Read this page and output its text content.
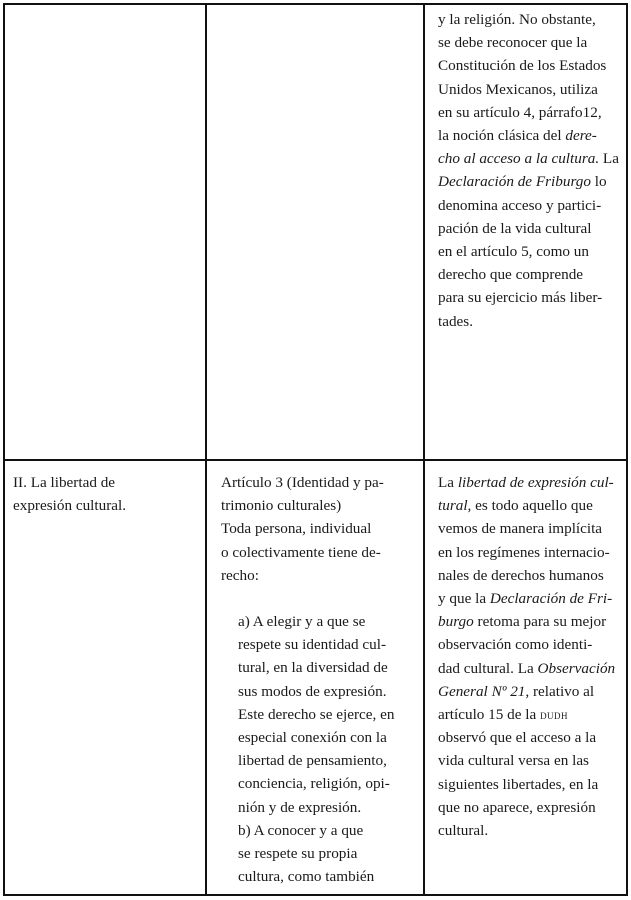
y la religión. No obstante,
se debe reconocer que la
Constitución de los Estados
Unidos Mexicanos, utiliza
en su artículo 4, párrafo12,
la noción clásica del dere-
cho al acceso a la cultura. La
Declaración de Friburgo lo
denomina acceso y partici-
pación de la vida cultural
en el artículo 5, como un
derecho que comprende
para su ejercicio más liber-
tades.
II. La libertad de
expresión cultural.
Artículo 3 (Identidad y pa-
trimonio culturales)
Toda persona, individual
o colectivamente tiene de-
recho:
a) A elegir y a que se
respete su identidad cul-
tural, en la diversidad de
sus modos de expresión.
Este derecho se ejerce, en
especial conexión con la
libertad de pensamiento,
conciencia, religión, opi-
nión y de expresión.
b) A conocer y a que
se respete su propia
cultura, como también
La libertad de expresión cul-
tural, es todo aquello que
vemos de manera implícita
en los regímenes internacio-
nales de derechos humanos
y que la Declaración de Fri-
burgo retoma para su mejor
observación como identi-
dad cultural. La Observación
General Nº 21, relativo al
artículo 15 de la dudh
observó que el acceso a la
vida cultural versa en las
siguientes libertades, en la
que no aparece, expresión
cultural.
